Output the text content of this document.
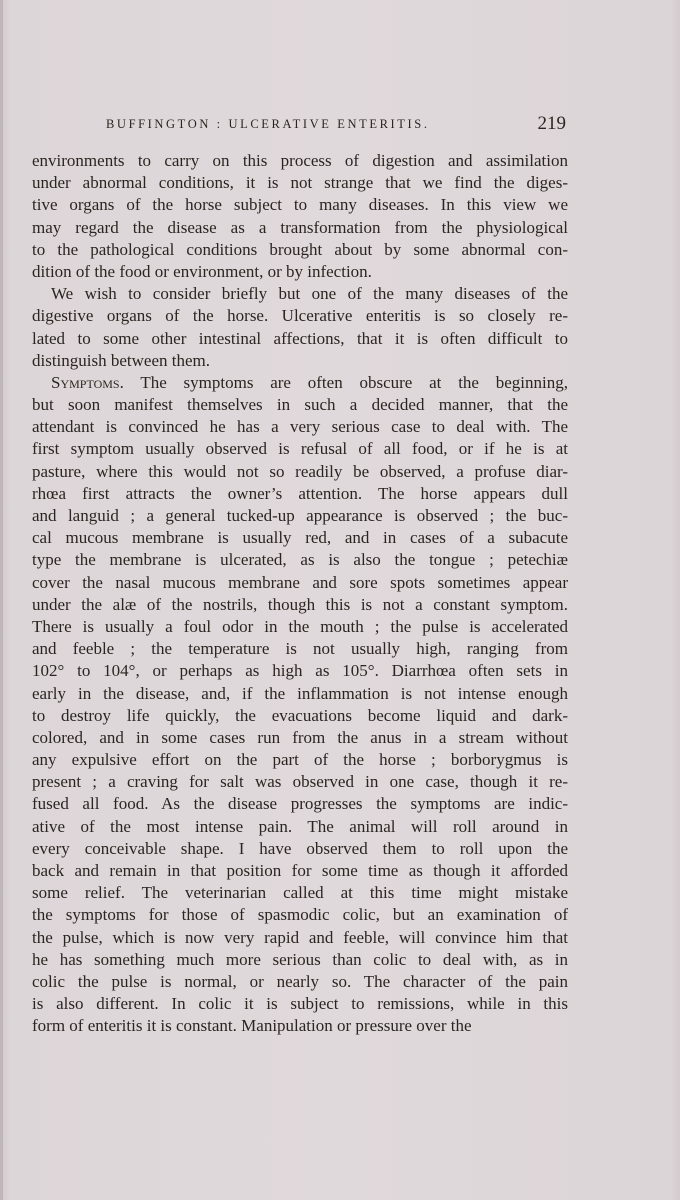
BUFFINGTON : ULCERATIVE ENTERITIS.	219
environments to carry on this process of digestion and assimilation
under abnormal conditions, it is not strange that we find the diges-
tive organs of the horse subject to many diseases. In this view we
may regard the disease as a transformation from the physiological
to the pathological conditions brought about by some abnormal con-
dition of the food or environment, or by infection.
We wish to consider briefly but one of the many diseases of the
digestive organs of the horse. Ulcerative enteritis is so closely re-
lated to some other intestinal affections, that it is often difficult to
distinguish between them.
Symptoms. The symptoms are often obscure at the beginning,
but soon manifest themselves in such a decided manner, that the
attendant is convinced he has a very serious case to deal with. The
first symptom usually observed is refusal of all food, or if he is at
pasture, where this would not so readily be observed, a profuse diar-
rhœa first attracts the owner’s attention. The horse appears dull
and languid ; a general tucked-up appearance is observed ; the buc-
cal mucous membrane is usually red, and in cases of a subacute
type the membrane is ulcerated, as is also the tongue ; petechiæ
cover the nasal mucous membrane and sore spots sometimes appear
under the alæ of the nostrils, though this is not a constant symptom.
There is usually a foul odor in the mouth ; the pulse is accelerated
and feeble ; the temperature is not usually high, ranging from
102° to 104°, or perhaps as high as 105°. Diarrhœa often sets in
early in the disease, and, if the inflammation is not intense enough
to destroy life quickly, the evacuations become liquid and dark-
colored, and in some cases run from the anus in a stream without
any expulsive effort on the part of the horse ; borborygmus is
present ; a craving for salt was observed in one case, though it re-
fused all food. As the disease progresses the symptoms are indic-
ative of the most intense pain. The animal will roll around in
every conceivable shape. I have observed them to roll upon the
back and remain in that position for some time as though it afforded
some relief. The veterinarian called at this time might mistake
the symptoms for those of spasmodic colic, but an examination of
the pulse, which is now very rapid and feeble, will convince him that
he has something much more serious than colic to deal with, as in
colic the pulse is normal, or nearly so. The character of the pain
is also different. In colic it is subject to remissions, while in this
form of enteritis it is constant. Manipulation or pressure over the
